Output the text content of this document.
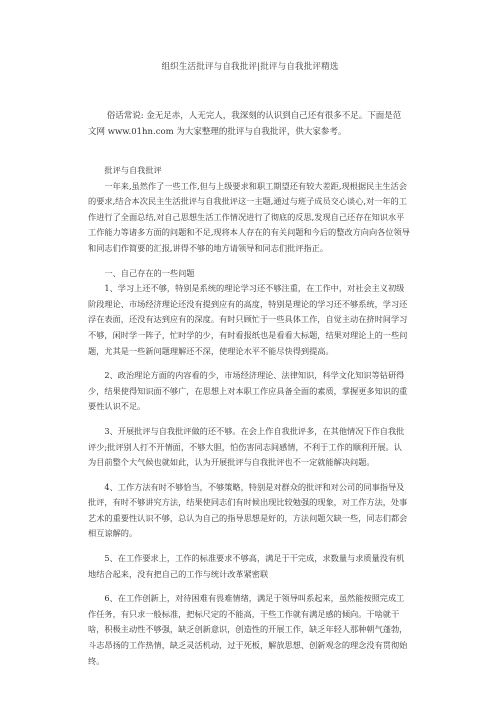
组织生活批评与自我批评|批评与自我批评精选

俗话常说: 金无足赤，人无完人，我深刻的认识到自己还有很多不足。下面是范文网 www.01hn.com 为大家整理的批评与自我批评，供大家参考。

批评与自我批评

一年来,虽然作了一些工作,但与上级要求和职工期望还有较大差距,现根据民主生活会的要求,结合本次民主生活批评与自我批评这一主题,通过与班子成员交心谈心,对一年的工作进行了全面总结,对自己思想生活工作情况进行了彻底的反思,发现自己还存在知识水平工作能力等诸多方面的问题和不足,现将本人存在的有关问题和今后的整改方向向各位领导和同志们作简要的汇报,讲得不够的地方请领导和同志们批评指正。

一、自己存在的一些问题

1、学习上还不够，特别是系统的理论学习还不够注重，在工作中，对社会主义初级阶段理论、市场经济理论还没有提到应有的高度，特别是理论的学习还不够系统，学习还浮在表面，还没有达到应有的深度。有时只顾忙于一些具体工作，自觉主动在挤时间学习不够，闲时学一阵子，忙时学的少，有时看报纸也是看看大标题，结果对理论上的一些问题，尤其是一些新问题理解还不深，使理论水平不能尽快得到提高。

2、政治理论方面的内容看的少，市场经济理论、法律知识，科学文化知识等钻研得少，结果使得知识面不够广，在思想上对本职工作应具备全面的素质，掌握更多知识的重要性认识不足。

3、开展批评与自我批评做的还不够。在会上作自我批评多，在其他情况下作自我批评少;批评别人打不开情面，不够大胆，怕伤害同志间感情，不利于工作的顺利开展。认为目前整个大气候也就如此，认为开展批评与自我批评也不一定就能解决问题。

4、工作方法有时不够恰当，不够策略，特别是对群众的批评和对公司的同事指导及批评，有时不够讲究方法，结果使同志们有时候出现比较勉强的现象，对工作方法，处事艺术的重要性认识不够，总认为自己的指导思想是好的，方法问题欠缺一些，同志们都会相互谅解的。

5、在工作要求上，工作的标准要求不够高，满足于干完成，求数量与求质量没有机地结合起来，没有把自己的工作与统计改革紧密联

6、在工作创新上，对待困难有畏难情绪，满足于领导叫系起来，虽然能按照完成工作任务，有只求一般标准，把标尺定的不能高，干些工作就有满足感的倾向。干啥就干啥，积极主动性不够强，缺乏创新意识，创造性的开展工作，缺乏年轻人那种朝气蓬勃，斗志昂扬的工作热情，缺乏灵活机动，过于死板，解放思想、创新观念的理念没有贯彻始终。
